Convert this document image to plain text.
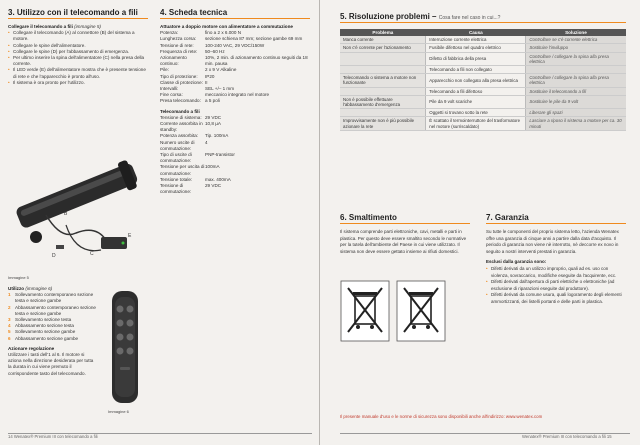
3. Utilizzo con il telecomando a fili
Collegare il telecomando a fili (immagine 5)
• Collegare il telecomando (A) al connettore (B) del sistema a motore.
• Collegare le spine dell'alimentatore.
• Collegare le spine (D) per l'abbassamento di emergenza.
• Per ultimo inserire la spina dell'alimentatore (C) nella presa della corrente.
• Il LED verde (E) dell'alimentatore mostra che è presente tensione di rete e che l'apparecchio è pronto all'uso.
• Il sistema è ora pronto per l'utilizzo.
B
C
D
E
Immagine 5
Utilizzo (immagine 6)
1 Sollevamento contemporaneo sezione testa e sezione gambe
2 Abbassamento contemporaneo sezione testa e sezione gambe
3 Sollevamento sezione testa
4 Abbassamento sezione testa
5 Sollevamento sezione gambe
6 Abbassamento sezione gambe
Azionare regolazione
Utilizzare i tasti dell'1 al 6. Il motore si aziona nella direzione desiderata per tutta la durata in cui viene premuto il corrispondente tasto del telecomando.
Immagine 6
4. Scheda tecnica
Attuatore a doppio motore con alimentatore a commutazione
Potenza:	fino a 2 x 6.000 N
Lunghezza corsa:	sezione schiena 87 mm; sezione gambe 69 mm
Tensione di rete:	100-240 VAC, 29 VDC/150W
Frequenza di rete:	50–60 Hz
Azionamento continuo:
10%, 2 min. di azionamento continuo seguiti da 18 min. pausa
Pile:	2 x 9 V Alkaline
Tipo di protezione:	IP20
Classe di protezione: II
Intervalli:	SEL +/– 1 mm
Fine corsa:	meccanico integrato nel motore
Presa telecomando: a 5 poli
Telecomando a fili
Tensione di sistema: 29 VDC
Corrente assorbita in standby:
10,8 µA
Potenza assorbita:	Tip. 100mA
Numero uscite di commutazione:
4
Tipo di uscite di commutazione:
PNP-transistor
Tensione per uscita di commutazione:
100mA
Tensione totale:	max. 400mA
Tensione di commutazione:
29 VDC
14 Wenatex® Premium III con telecomando a fili
5. Risoluzione problemi – Cosa fare nel caso in cui...?
Problema	Causa	Soluzione
Manca corrente	Interruzione corrente elettrica	Controllare se c'è corrente elettrica
Non c'è corrente per l'azionamento	Fusibile difettoso nel quadro elettrico	Sostituire l'inviluppo
	Difetto di fabbrica della presa	Controllare / collegare la spina alla presa elettrica
	Telecomando a fili non collegato	
Telecomando o sistema a motore non funzionante	Apparecchio non collegato alla presa elettrica	Controllare / collegare la spina alla presa elettrica
	Telecomando a fili difettoso	Sostituire il telecomando a fili
Non è possibile effettuare l'abbassamento d'emergenza	Pile da 9 volt scariche	Sostituire le pile da 9 volt
	Oggetti si trovano sotto la rete	Liberare gli spazi
Improvvisamente non è più possibile azionare la rete	È scattato il termointerruttore del trasformatore nel motore (surriscaldato)	Lasciare a riposo il sistema a motore per ca. 30 minuti
6. Smaltimento
Il sistema comprende parti elettroniche, cavi, metalli e parti in plastica. Per questo deve essere smaltito secondo le normative per la tutela dell'ambiente del Paese in cui viene utilizzato. Il sistema non deve essere gettato insieme ai rifiuti domestici.
7. Garanzia
Su tutte le componenti del proprio sistema letto, l'azienda Wenatex offre una garanzia di cinque anni a partire dalla data d'acquisto. Il periodo di garanzia non viene nè interrotto, nè deccorre ex novo in seguito a nostri interventi prestati in garanzia.
Esclusi dalla garanzia sono:
• Difetti derivati da un utilizzo improprio, quali ad es. uso con violenza, sovraccarico, modifiche eseguite da l'acquirente, ecc.
• Difetti derivati dall'apertura di parti elettriche o elettroniche (ad esclusione di riparazioni eseguite dal produttore).
• Difetti derivati da comune usura, quali logoramento degli elementi ammortizzanti, dei listelli portanti e delle parti in plastica.
Il presente manuale d'uso e le norme di sicurezza sono disponibili anche all'indirizzo: www.wenatex.com
Wenatex® Premium III con telecomando a fili 15
